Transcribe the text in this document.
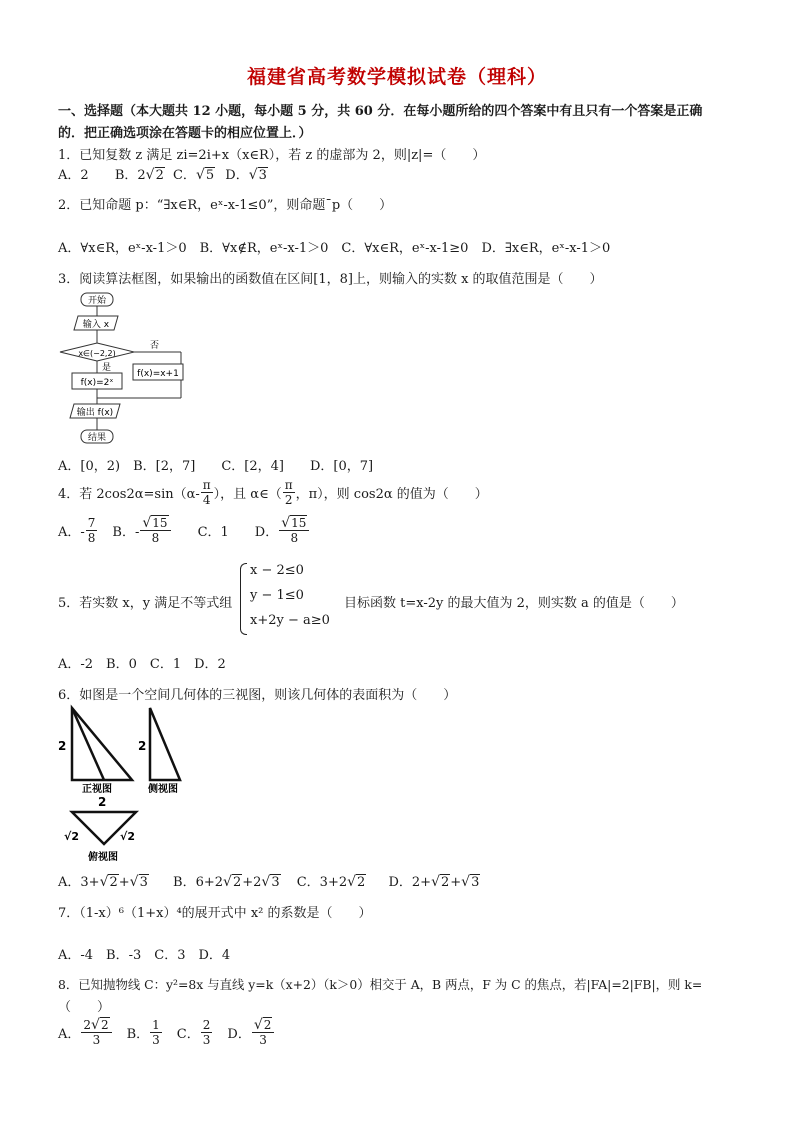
福建省高考数学模拟试卷（理科）
一、选择题（本大题共 12 小题，每小题 5 分，共 60 分．在每小题所给的四个答案中有且只有一个答案是正确
的．把正确选项涂在答题卡的相应位置上．）
1．已知复数 z 满足 zi=2i+x（x∈R），若 z 的虚部为 2，则|z|=（　　）
A．2 B．2√2 C．√5 D．√3
2．已知命题 p：“∃x∈R，eˣ-x-1≤0”，则命题¯p（　　）
A．∀x∈R，eˣ-x-1＞0　B．∀x∉R，eˣ-x-1＞0　C．∀x∈R，eˣ-x-1≥0　D．∃x∈R，eˣ-x-1＞0
3．阅读算法框图，如果输出的函数值在区间[1，8]上，则输入的实数 x 的取值范围是（　　）
开始
输入 x
x∈(−2,2)
否
是
f(x)=2ˣ
f(x)=x+1
输出 f(x)
结果
A．[0，2)　B．[2，7]　　C．[2，4]　　D．[0，7]
4．若 $2\cos 2\alpha=\sin(\alpha- \frac{\pi}{4}$ ），且 α∈（ $\frac{\pi}{2}$ ，π），则 cos2α 的值为（　　）
A．- $\frac{7}{8}$ B．- $\frac{√15}{8}$ C．1 D． $\frac{√15}{8}$
5．若实数 x，y 满足不等式组
x − 2≤0
y − 1≤0
x+2y − a≥0
目标函数 t=x-2y 的最大值为 2，则实数 a 的值是（　　）
A．-2　B．0　C．1　D．2
6．如图是一个空间几何体的三视图，则该几何体的表面积为（　　）
2
正视图
2
侧视图
2
√2	√2
俯视图
A．3+√2+√3 B．6+2√2+2√3 C．3+2√2 D．2+√2+√3
7．（1-x）⁶（1+x）⁴的展开式中 x² 的系数是（　　）
A．-4　B．-3　C．3　D．4
8．已知抛物线 C：y²=8x 与直线 y=k（x+2）（k＞0）相交于 A，B 两点，F 为 C 的焦点，若|FA|=2|FB|，则 k=
（　　）
A． $\frac{2√2}{3}$ B． $\frac{1}{3}$ C． $\frac{2}{3}$ D． $\frac{√2}{3}$
